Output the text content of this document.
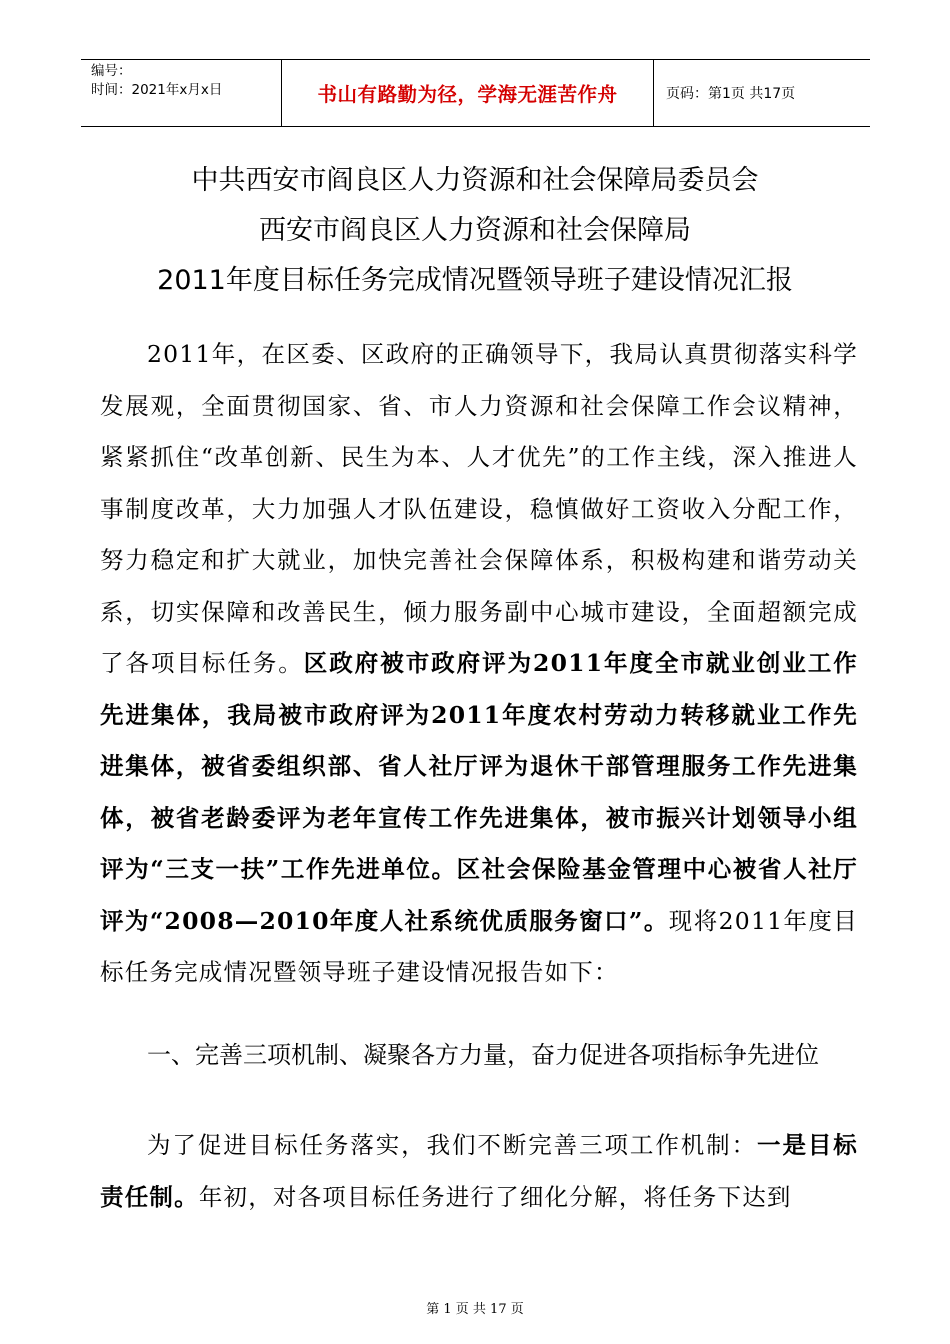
编号：
时间：2021年x月x日	书山有路勤为径，学海无涯苦作舟	页码：第1页 共17页
中共西安市阎良区人力资源和社会保障局委员会
西安市阎良区人力资源和社会保障局
2011年度目标任务完成情况暨领导班子建设情况汇报

2011年，在区委、区政府的正确领导下，我局认真贯彻落实科学发展观，全面贯彻国家、省、市人力资源和社会保障工作会议精神，紧紧抓住“改革创新、民生为本、人才优先”的工作主线，深入推进人事制度改革，大力加强人才队伍建设，稳慎做好工资收入分配工作，努力稳定和扩大就业，加快完善社会保障体系，积极构建和谐劳动关系，切实保障和改善民生，倾力服务副中心城市建设，全面超额完成了各项目标任务。区政府被市政府评为2011年度全市就业创业工作先进集体，我局被市政府评为2011年度农村劳动力转移就业工作先进集体，被省委组织部、省人社厅评为退休干部管理服务工作先进集体，被省老龄委评为老年宣传工作先进集体，被市振兴计划领导小组评为“三支一扶”工作先进单位。区社会保险基金管理中心被省人社厅评为“2008—2010年度人社系统优质服务窗口”。现将2011年度目标任务完成情况暨领导班子建设情况报告如下：

一、完善三项机制、凝聚各方力量，奋力促进各项指标争先进位

为了促进目标任务落实，我们不断完善三项工作机制：一是目标责任制。年初，对各项目标任务进行了细化分解，将任务下达到

第 1 页 共 17 页
